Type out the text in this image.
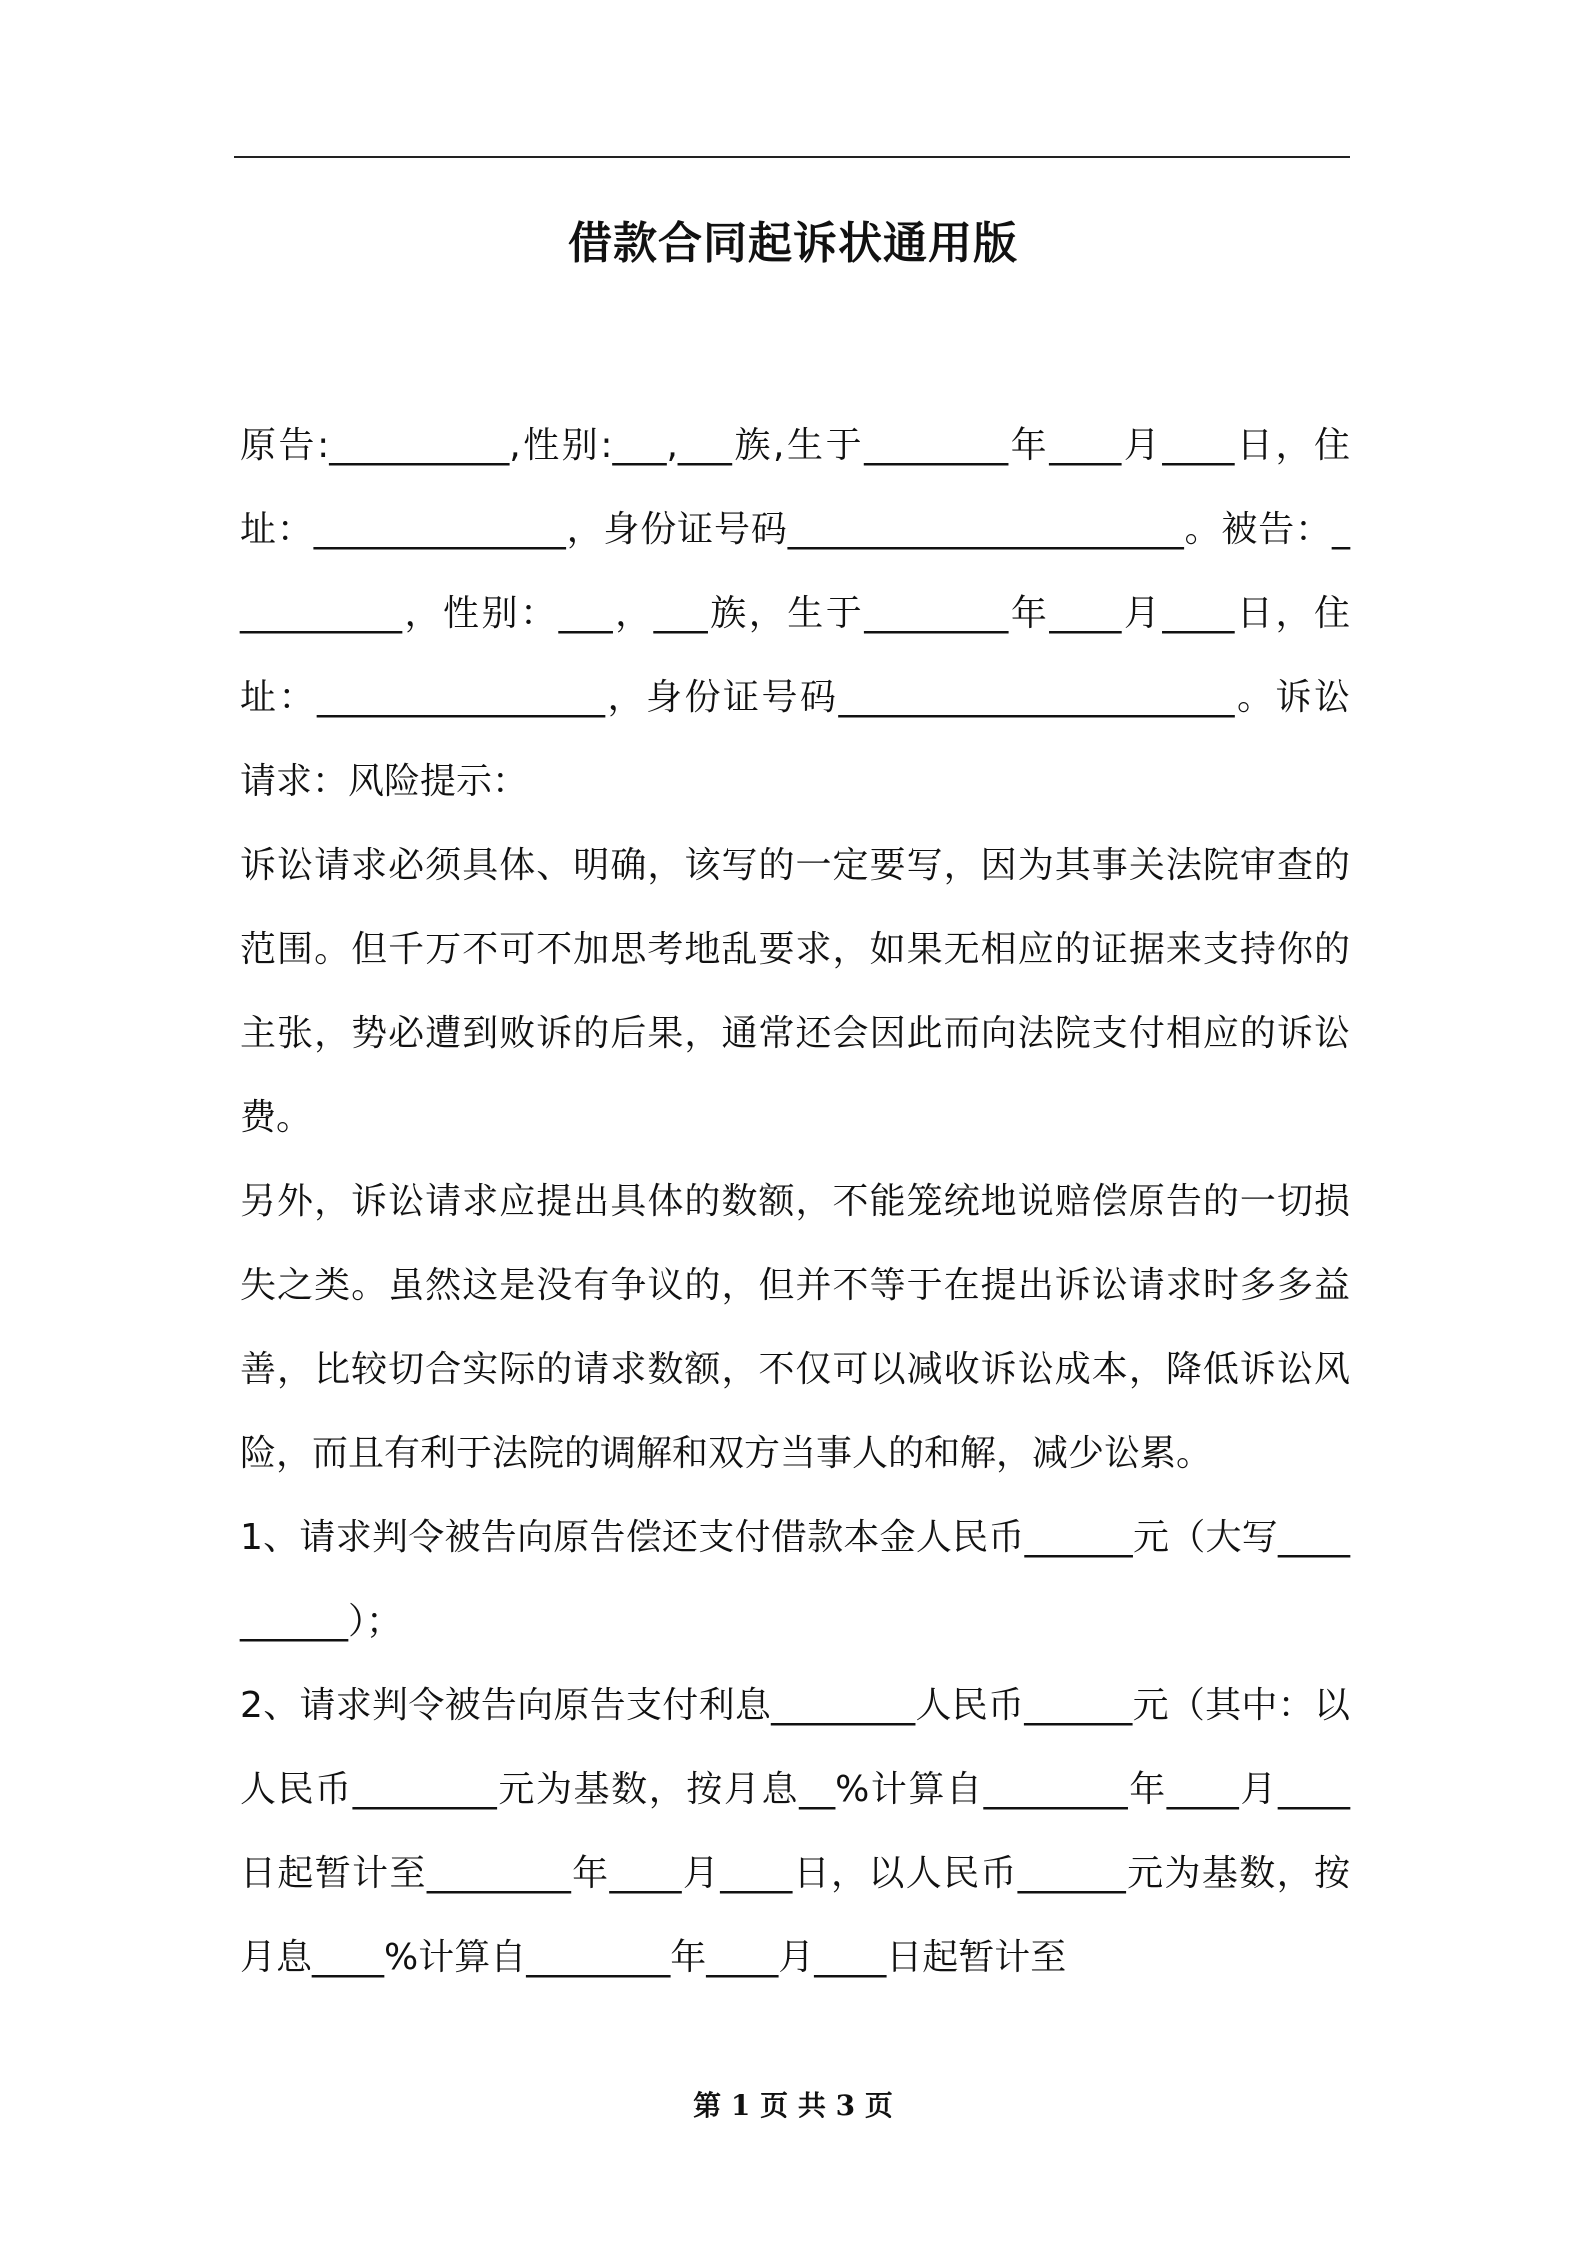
借款合同起诉状通用版

原告:__________,性别:___,___族,生于________年____月____日，住址：______________，身份证号码______________________。被告：__________，性别：___，___族，生于________年____月____日，住址：________________，身份证号码______________________。诉讼请求：风险提示：

诉讼请求必须具体、明确，该写的一定要写，因为其事关法院审查的范围。但千万不可不加思考地乱要求，如果无相应的证据来支持你的主张，势必遭到败诉的后果，通常还会因此而向法院支付相应的诉讼费。

另外，诉讼请求应提出具体的数额，不能笼统地说赔偿原告的一切损失之类。虽然这是没有争议的，但并不等于在提出诉讼请求时多多益善，比较切合实际的请求数额，不仅可以减收诉讼成本，降低诉讼风险，而且有利于法院的调解和双方当事人的和解，减少讼累。

1、请求判令被告向原告偿还支付借款本金人民币______元（大写__________）；

2、请求判令被告向原告支付利息________人民币______元（其中：以人民币________元为基数，按月息__%计算自________年____月____日起暂计至________年____月____日，以人民币______元为基数，按月息____%计算自________年____月____日起暂计至

第 1 页 共 3 页
